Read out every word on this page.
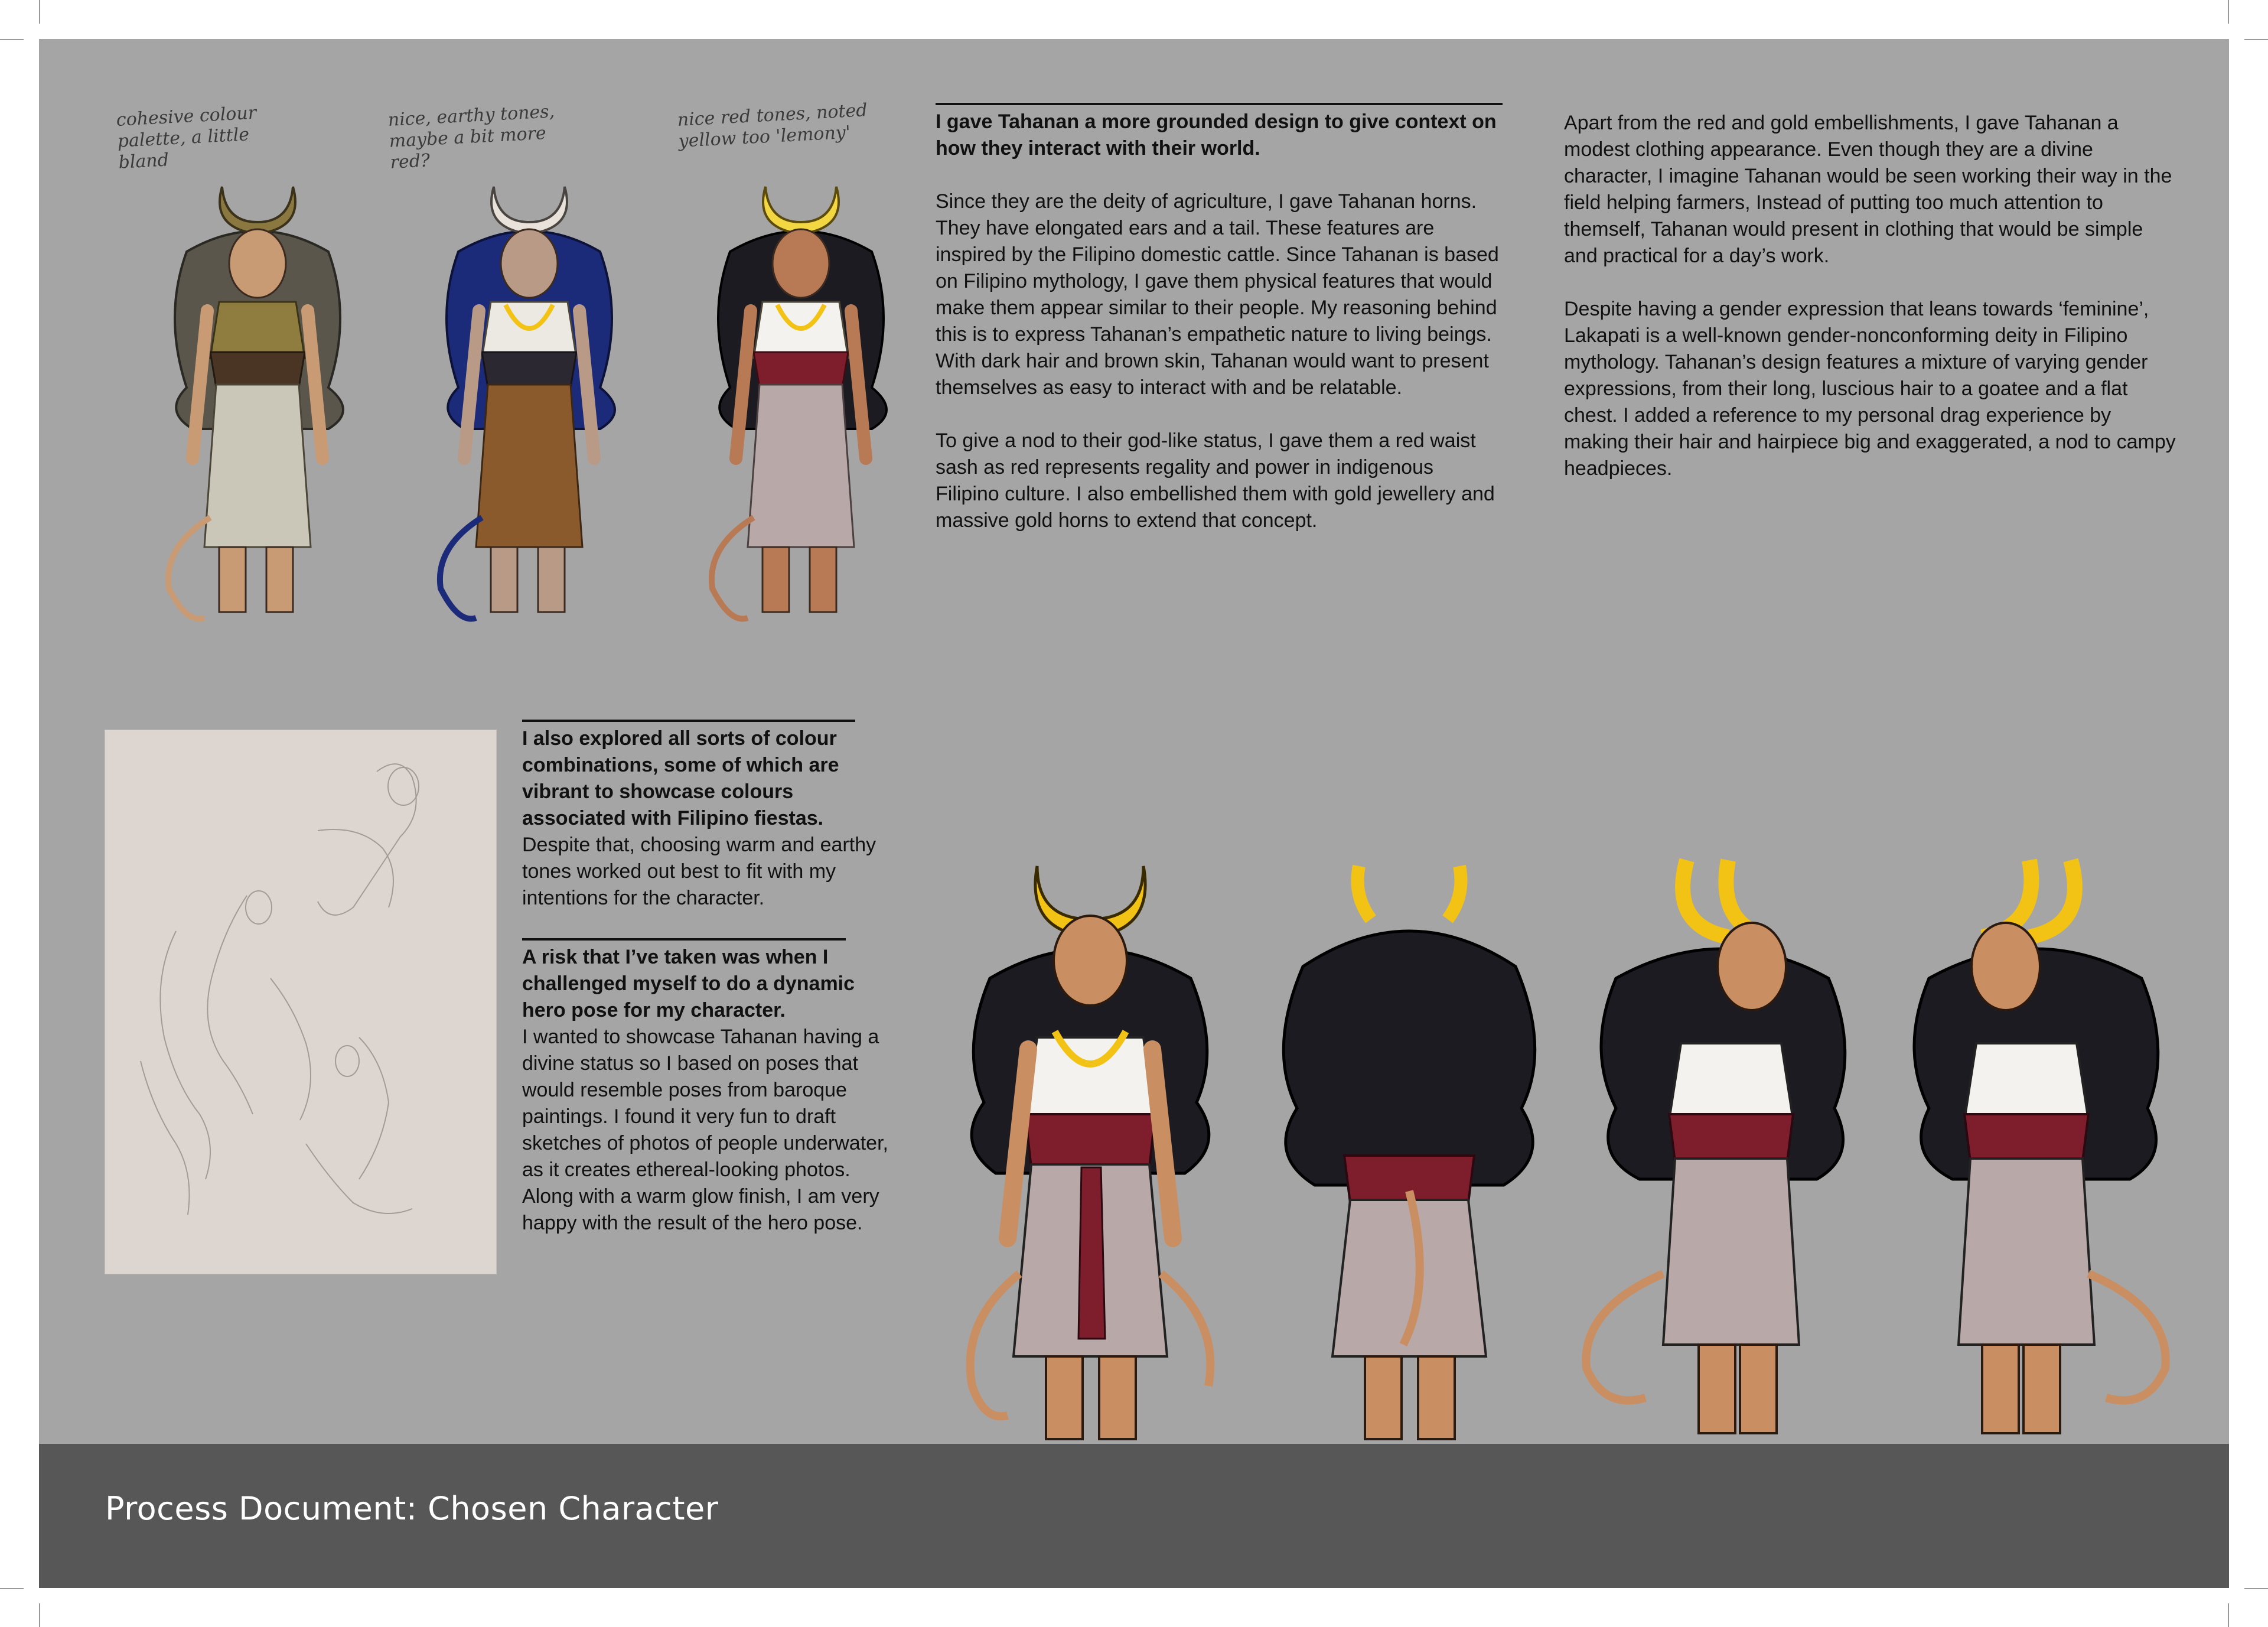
cohesive colour palette, a little bland
nice, earthy tones, maybe a bit more red?
nice red tones, noted yellow too 'lemony'

I gave Tahanan a more grounded design to give context on how they interact with their world.

Since they are the deity of agriculture, I gave Tahanan horns. They have elongated ears and a tail. These features are inspired by the Filipino domestic cattle. Since Tahanan is based on Filipino mythology, I gave them physical features that would make them appear similar to their people. My reasoning behind this is to express Tahanan’s empathetic nature to living beings. With dark hair and brown skin, Tahanan would want to present themselves as easy to interact with and be relatable.

To give a nod to their god-like status, I gave them a red waist sash as red represents regality and power in indigenous Filipino culture. I also embellished them with gold jewellery and massive gold horns to extend that concept.

Apart from the red and gold embellishments, I gave Tahanan a modest clothing appearance. Even though they are a divine character, I imagine Tahanan would be seen working their way in the field helping farmers, Instead of putting too much attention to themself, Tahanan would present in clothing that would be simple and practical for a day’s work.

Despite having a gender expression that leans towards ‘feminine’, Lakapati is a well-known gender-nonconforming deity in Filipino mythology. Tahanan’s design features a mixture of varying gender expressions, from their long, luscious hair to a goatee and a flat chest. I added a reference to my personal drag experience by making their hair and hairpiece big and exaggerated, a nod to campy headpieces.

I also explored all sorts of colour combinations, some of which are vibrant to showcase colours associated with Filipino fiestas.

Despite that, choosing warm and earthy tones worked out best to fit with my intentions for the character.

A risk that I’ve taken was when I challenged myself to do a dynamic hero pose for my character.

I wanted to showcase Tahanan having a divine status so I based on poses that would resemble poses from baroque paintings. I found it very fun to draft sketches of photos of people underwater, as it creates ethereal-looking photos. Along with a warm glow finish, I am very happy with the result of the hero pose.

Process Document: Chosen Character
